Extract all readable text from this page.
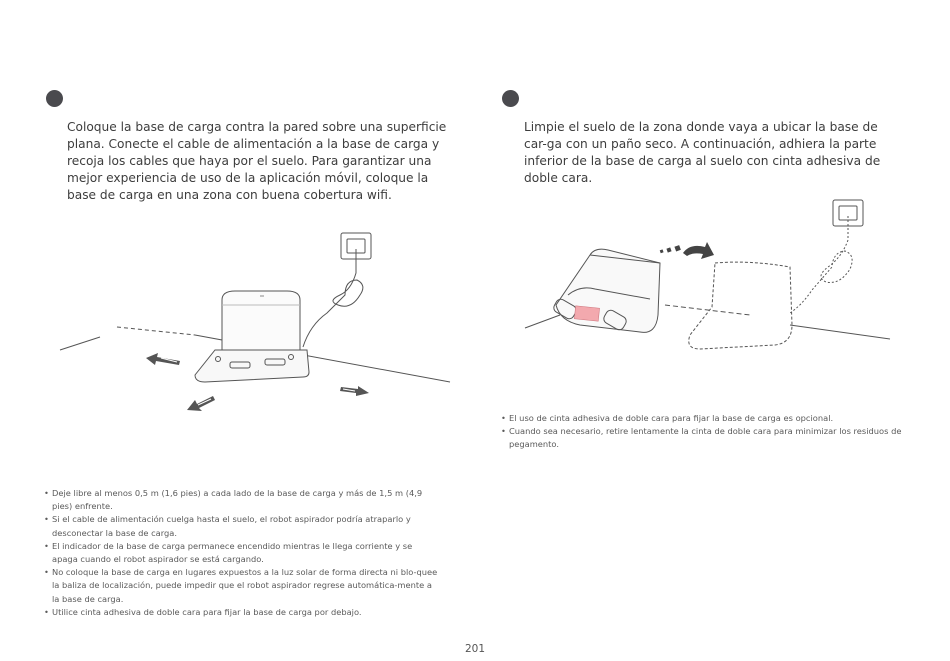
Coloque la base de carga contra la pared sobre una superficie plana. Conecte el cable de alimentación a la base de carga y recoja los cables que haya por el suelo. Para garantizar una mejor experiencia de uso de la aplicación móvil, coloque la base de carga en una zona con buena cobertura wifi.

Limpie el suelo de la zona donde vaya a ubicar la base de car-ga con un paño seco. A continuación, adhiera la parte inferior de la base de carga al suelo con cinta adhesiva de doble cara.

• El uso de cinta adhesiva de doble cara para fijar la base de carga es opcional.
• Cuando sea necesario, retire lentamente la cinta de doble cara para minimizar los residuos de pegamento.
• Deje libre al menos 0,5 m (1,6 pies) a cada lado de la base de carga y más de 1,5 m (4,9 pies) enfrente.
• Si el cable de alimentación cuelga hasta el suelo, el robot aspirador podría atraparlo y desconectar la base de carga.
• El indicador de la base de carga permanece encendido mientras le llega corriente y se apaga cuando el robot aspirador se está cargando.
• No coloque la base de carga en lugares expuestos a la luz solar de forma directa ni blo-quee la baliza de localización, puede impedir que el robot aspirador regrese automática-mente a la base de carga.
• Utilice cinta adhesiva de doble cara para fijar la base de carga por debajo.
201
